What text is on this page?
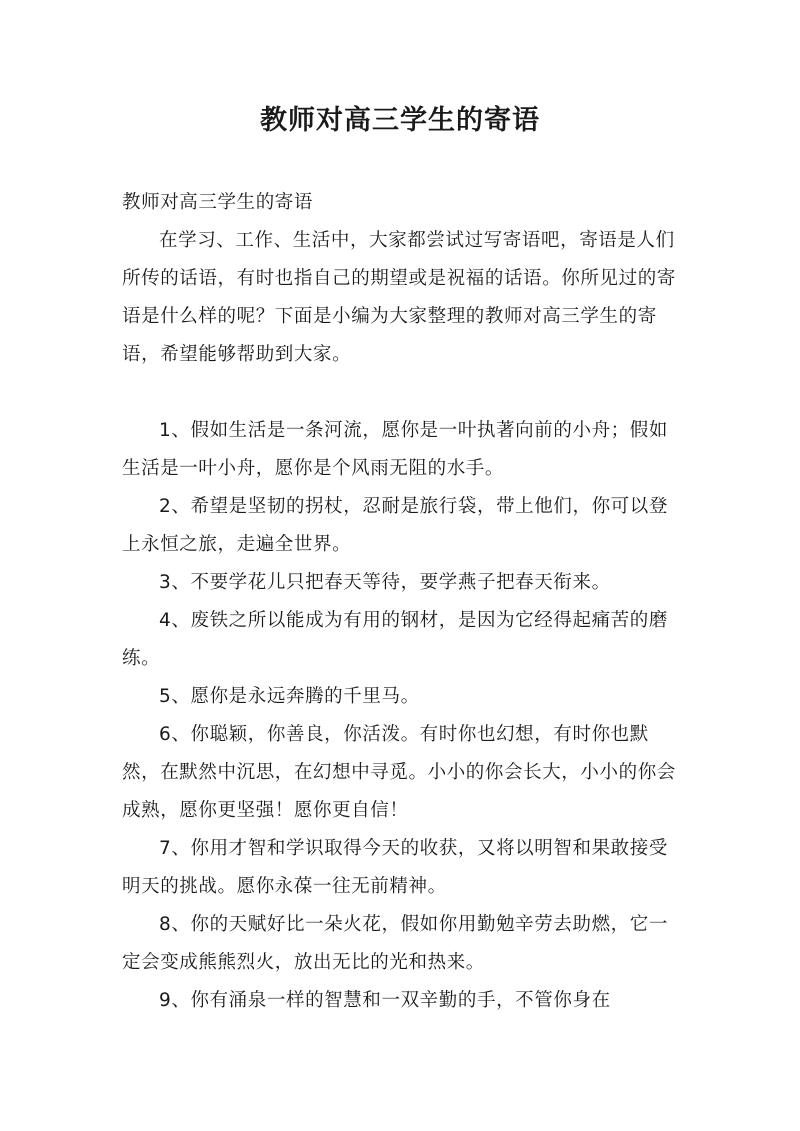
教师对高三学生的寄语

教师对高三学生的寄语

在学习、工作、生活中，大家都尝试过写寄语吧，寄语是人们所传的话语，有时也指自己的期望或是祝福的话语。你所见过的寄语是什么样的呢？下面是小编为大家整理的教师对高三学生的寄语，希望能够帮助到大家。

1、假如生活是一条河流，愿你是一叶执著向前的小舟；假如生活是一叶小舟，愿你是个风雨无阻的水手。

2、希望是坚韧的拐杖，忍耐是旅行袋，带上他们，你可以登上永恒之旅，走遍全世界。

3、不要学花儿只把春天等待，要学燕子把春天衔来。

4、废铁之所以能成为有用的钢材，是因为它经得起痛苦的磨练。

5、愿你是永远奔腾的千里马。

6、你聪颖，你善良，你活泼。有时你也幻想，有时你也默然，在默然中沉思，在幻想中寻觅。小小的你会长大，小小的你会成熟，愿你更坚强！愿你更自信！

7、你用才智和学识取得今天的收获，又将以明智和果敢接受明天的挑战。愿你永葆一往无前精神。

8、你的天赋好比一朵火花，假如你用勤勉辛劳去助燃，它一定会变成熊熊烈火，放出无比的光和热来。

9、你有涌泉一样的智慧和一双辛勤的手，不管你身在
